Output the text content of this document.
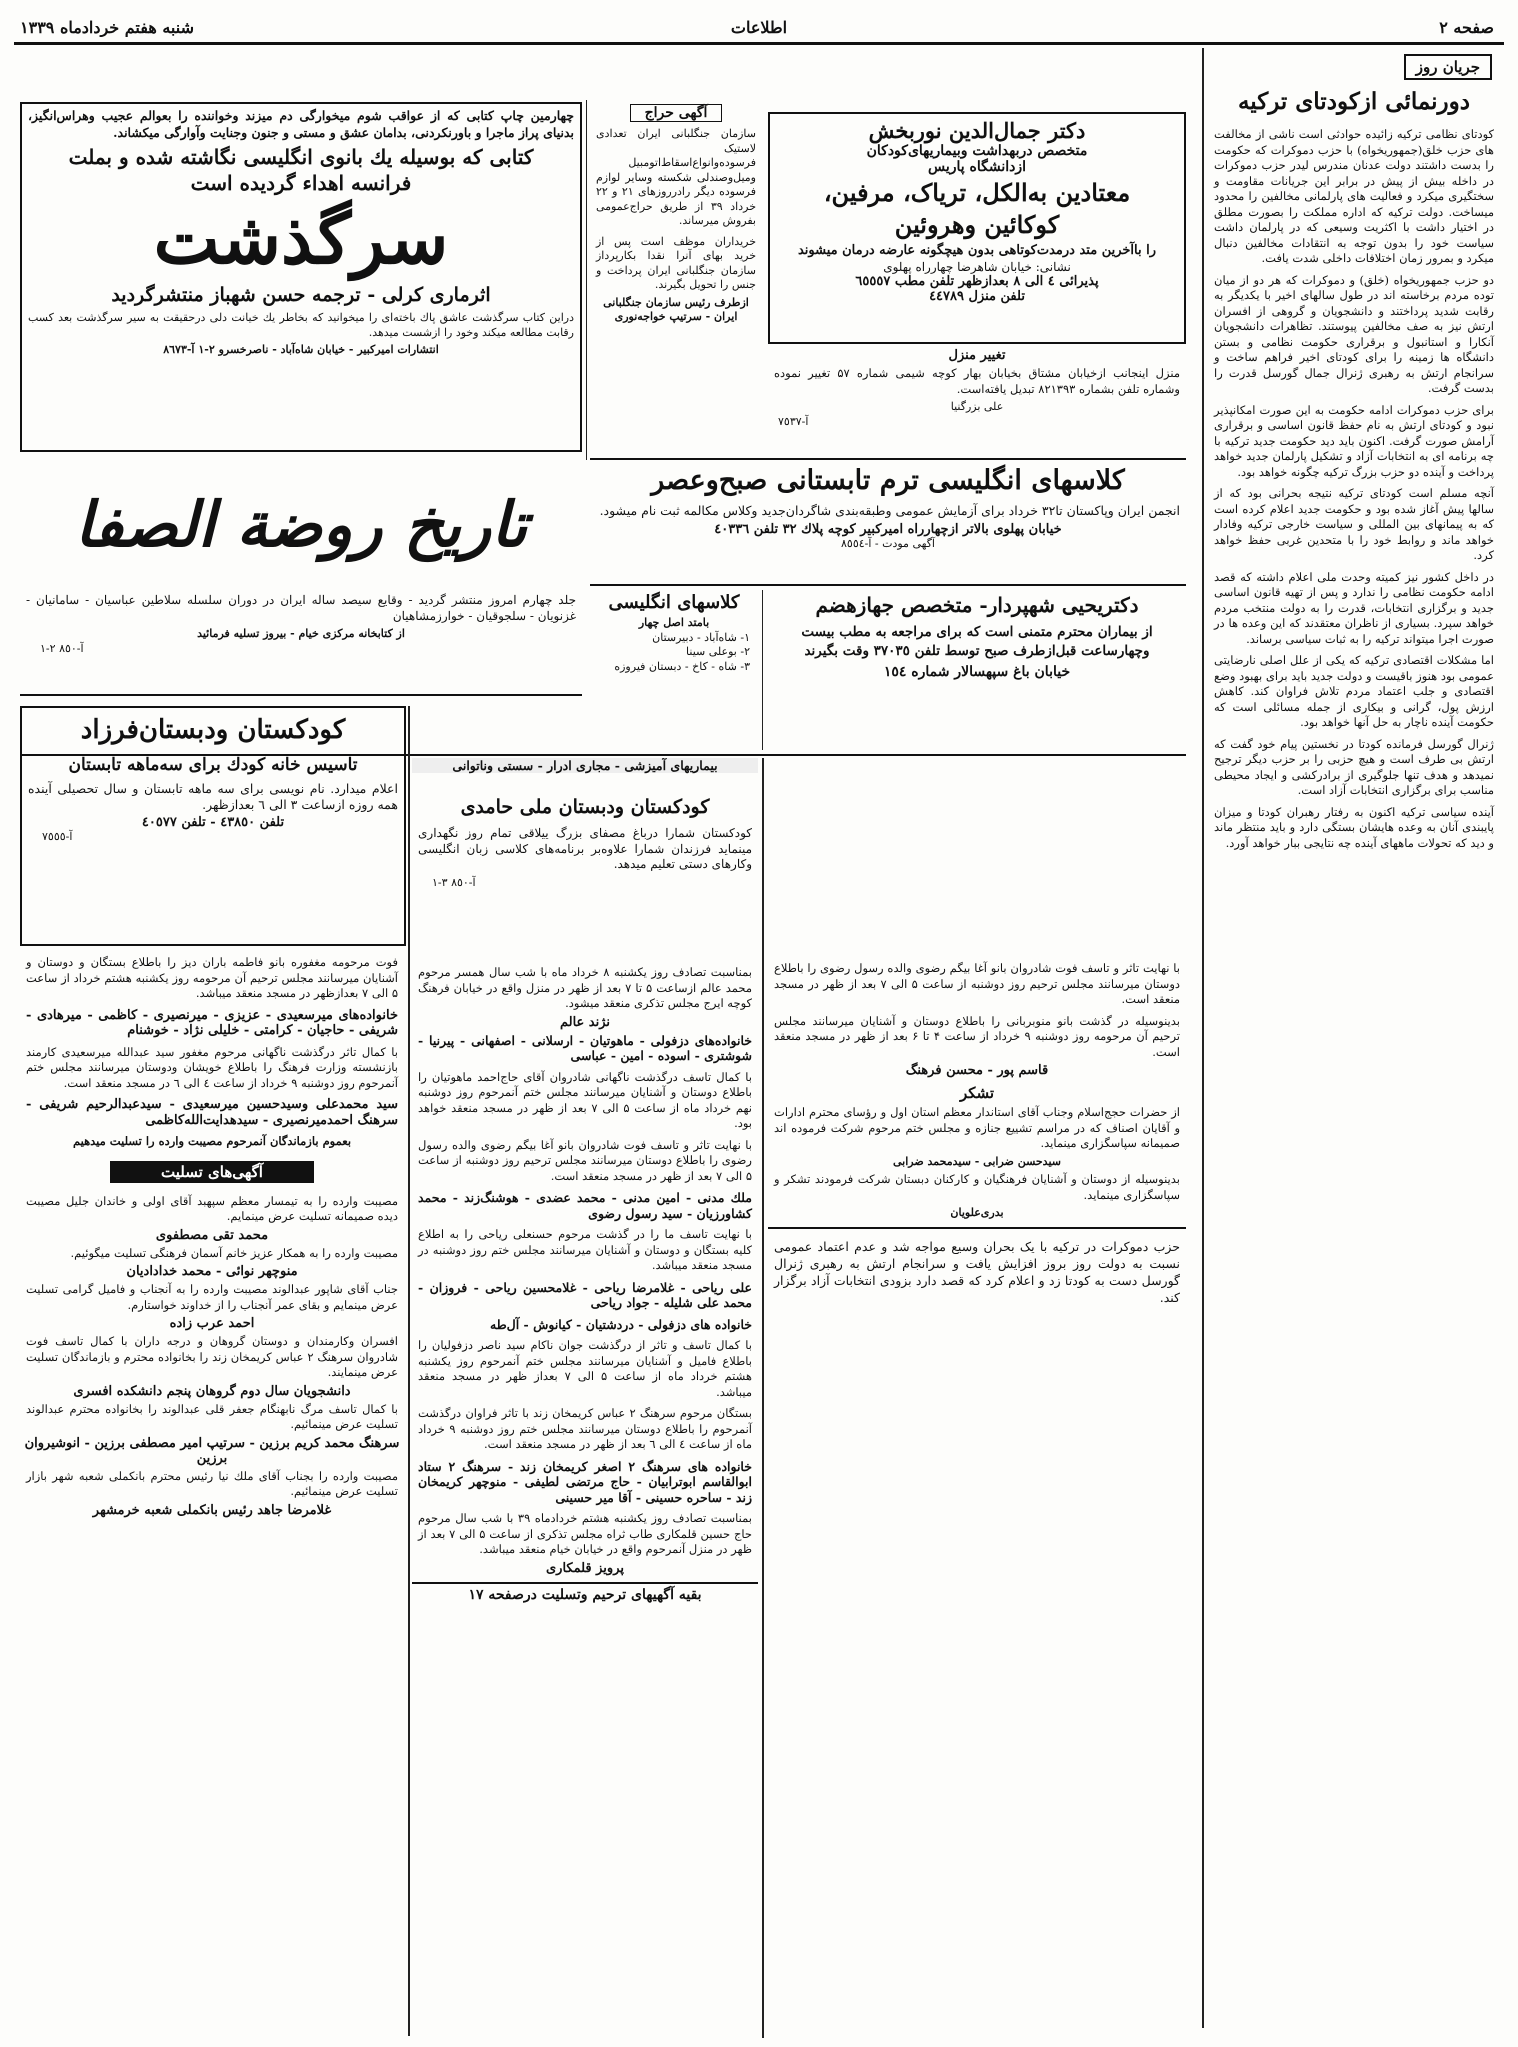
صفحه ۲
اطلاعات
شنبه هفتم خردادماه ۱۳۳۹
جریان روز
دورنمائی ازکودتای ترکیه
کودتای نظامی ترکیه زائیده حوادثی است ناشی از مخالفت های حزب خلق(جمهوریخواه) با حزب دموکرات که حکومت را بدست داشتند دولت عدنان مندرس لیدر حزب دموکرات در داخله بیش از پیش در برابر این جریانات مقاومت و سختگیری میکرد و فعالیت های پارلمانی مخالفین را محدود میساخت. دولت ترکیه که اداره مملکت را بصورت مطلق در اختیار داشت با اکثریت وسیعی که در پارلمان داشت سیاست خود را بدون توجه به انتقادات مخالفین دنبال میکرد و بمرور زمان اختلافات داخلی شدت یافت.
دو حزب جمهوریخواه (خلق) و دموکرات که هر دو از میان توده مردم برخاسته اند در طول سالهای اخیر با یکدیگر به رقابت شدید پرداختند و دانشجویان و گروهی از افسران ارتش نیز به صف مخالفین پیوستند. تظاهرات دانشجویان آنکارا و استانبول و برقراری حکومت نظامی و بستن دانشگاه ها زمینه را برای کودتای اخیر فراهم ساخت و سرانجام ارتش به رهبری ژنرال جمال گورسل قدرت را بدست گرفت.
برای حزب دموکرات ادامه حکومت به این صورت امکانپذیر نبود و کودتای ارتش به نام حفظ قانون اساسی و برقراری آرامش صورت گرفت. اکنون باید دید حکومت جدید ترکیه با چه برنامه ای به انتخابات آزاد و تشکیل پارلمان جدید خواهد پرداخت و آینده دو حزب بزرگ ترکیه چگونه خواهد بود.
آنچه مسلم است کودتای ترکیه نتیجه بحرانی بود که از سالها پیش آغاز شده بود و حکومت جدید اعلام کرده است که به پیمانهای بین المللی و سیاست خارجی ترکیه وفادار خواهد ماند و روابط خود را با متحدین غربی حفظ خواهد کرد.
در داخل کشور نیز کمیته وحدت ملی اعلام داشته که قصد ادامه حکومت نظامی را ندارد و پس از تهیه قانون اساسی جدید و برگزاری انتخابات، قدرت را به دولت منتخب مردم خواهد سپرد. بسیاری از ناظران معتقدند که این وعده ها در صورت اجرا میتواند ترکیه را به ثبات سیاسی برساند.
اما مشکلات اقتصادی ترکیه که یکی از علل اصلی نارضایتی عمومی بود هنوز باقیست و دولت جدید باید برای بهبود وضع اقتصادی و جلب اعتماد مردم تلاش فراوان کند. کاهش ارزش پول، گرانی و بیکاری از جمله مسائلی است که حکومت آینده ناچار به حل آنها خواهد بود.
ژنرال گورسل فرمانده کودتا در نخستین پیام خود گفت که ارتش بی طرف است و هیچ حزبی را بر حزب دیگر ترجیح نمیدهد و هدف تنها جلوگیری از برادرکشی و ایجاد محیطی مناسب برای برگزاری انتخابات آزاد است.
آینده سیاسی ترکیه اکنون به رفتار رهبران کودتا و میزان پایبندی آنان به وعده هایشان بستگی دارد و باید منتظر ماند و دید که تحولات ماههای آینده چه نتایجی ببار خواهد آورد.
دکتر جمال‌الدین نوربخش
متخصص دربهداشت وبیماریهای‌کودکان
ازدانشگاه پاریس
معتادین به‌الکل، تریاک، مرفین، کوکائین وهروئین
را باآخرین متد درمدت‌کوتاهی بدون هیچگونه عارضه درمان میشوند
نشانی: خیابان شاهرضا چهارراه پهلوی
پذیرائی ٤ الی ٨ بعدازظهر تلفن مطب ٦٥٥٥٧
تلفن منزل ٤٤٧٨٩
تغییر منزل
منزل اینجانب ازخیابان مشتاق بخیابان بهار کوچه شیمی شماره ۵۷ تغییر نموده وشماره تلفن بشماره ۸۲۱۳۹۳ تبدیل یافته‌است.
علی بزرگنیا
آ-٧٥٣٧
آگهی حراج
سازمان جنگلبانی ایران تعدادی لاستیک فرسوده‌وانواع‌اسقاط‌اتومبیل ومیل‌وصندلی شکسته وسایر لوازم فرسوده دیگر رادرروزهای ٢١ و ٢٢ خرداد ۳۹ از طریق حراج‌عمومی بفروش میرساند.
خریداران موظف است پس از خرید بهای آنرا نقدا بکارپرداز سازمان جنگلبانی ایران پرداخت و جنس را تحویل بگیرند.
ازطرف رئیس سازمان جنگلبانی ایران - سرتیپ خواجه‌نوری
چهارمین چاپ کتابی که از عواقب شوم میخوارگی دم میزند وخواننده را بعوالم عجیب وهراس‌انگیز، بدنیای پراز ماجرا و باورنکردنی، بدامان عشق و مستی و جنون وجنایت وآوارگی میکشاند.
کتابی که بوسیله یك بانوی انگلیسی نگاشته شده و بملت
فرانسه اهداء گردیده است
سرگذشت
اثرماری کرلی - ترجمه حسن شهباز منتشرگردید
دراین کتاب سرگذشت عاشق پاك باخته‌ای را میخوانید که بخاطر یك خیانت دلی درحقیقت به سیر سرگذشت بعد کسب رقابت مطالعه میکند وخود را ازشست میدهد.
انتشارات امیرکبیر - خیابان شاه‌آباد - ناصرخسرو ٢-١ آ-٨٦٧٣
کلاسهای انگلیسی ترم تابستانی صبح‌وعصر
انجمن ایران وپاکستان تا۳۲ خرداد برای آزمایش عمومی وطبقه‌بندی شاگردان‌جدید وکلاس مکالمه ثبت نام میشود.
خیابان پهلوی بالاتر ازچهارراه امیرکبیر کوچه پلاك ۳۲ تلفن ٤٠٣٣٦
آگهی مودت - آ-٨٥٥٤
تاریخ روضة الصفا
جلد چهارم امروز منتشر گردید - وقایع سیصد ساله ایران در دوران سلسله سلاطین عباسیان - سامانیان - غزنویان - سلجوقیان - خوارزمشاهیان
از کتابخانه مرکزی خیام - بیروز تسلیه فرمائید
آ-٨٥٠ ٢-١
کلاسهای انگلیسی
بامتد اصل چهار
۱- شاه‌آباد - دبیرستان
۲- بوعلی سینا
۳- شاه - کاخ - دبستان فیروزه
دکتریحیی شهپردار- متخصص جهازهضم
از بیماران محترم متمنی است که برای مراجعه به مطب بیست وچهارساعت قبل‌ازطرف صبح توسط تلفن ٣٧٠٣٥ وقت بگیرند
خیابان باغ سپهسالار شماره ١٥٤
کودکستان ودبستان‌فرزاد
تاسیس خانه کودك برای سه‌ماهه تابستان
اعلام میدارد. نام نویسی برای سه ماهه تابستان و سال تحصیلی آینده همه روزه ازساعت ۳ الی ٦ بعدازظهر.
تلفن ٤٣٨٥٠ - تلفن ٤٠٥٧٧
آ-٧٥٥٥
بیماریهای آمیزشی - مجاری ادرار - سستی وناتوانی
کودکستان ودبستان ملی حامدی
کودکستان شمارا درباغ مصفای بزرگ ییلاقی تمام روز نگهداری مینماید فرزندان شمارا علاوه‌بر برنامه‌های کلاسی زبان انگلیسی وکارهای دستی تعلیم میدهد.
آ-٨٥٠ ٣-١
فوت مرحومه مغفوره بانو فاطمه باران دیز را باطلاع بستگان و دوستان و آشنایان میرسانند مجلس ترحیم آن مرحومه روز یکشنبه هشتم خرداد از ساعت ۵ الی ۷ بعدازظهر در مسجد منعقد میباشد.
خانواده‌های میرسعیدی - عزیزی - میرنصیری - کاظمی - میرهادی - شریفی - حاجیان - کرامتی - خلیلی نژاد - خوشنام
با کمال تاثر درگذشت ناگهانی مرحوم مغفور سید عبدالله میرسعیدی کارمند بازنشسته وزارت فرهنگ را باطلاع خویشان ودوستان میرسانند مجلس ختم آنمرحوم روز دوشنبه ٩ خرداد از ساعت ٤ الی ٦ در مسجد منعقد است.
سید محمدعلی وسیدحسین میرسعیدی - سیدعبدالرحیم شریفی - سرهنگ احمدمیرنصیری - سیدهدایت‌الله‌کاظمی
بعموم بازماندگان آنمرحوم مصیبت وارده را تسلیت میدهیم
آگهی‌های تسلیت
مصیبت وارده را به تیمسار معظم سپهبد آقای اولی و خاندان جلیل مصیبت دیده صمیمانه تسلیت عرض مینمایم.
محمد تقی مصطفوی
مصیبت وارده را به همکار عزیز خانم آسمان فرهنگی تسلیت میگوئیم.
منوچهر نوائی - محمد خدادادیان
جناب آقای شاپور عبدالوند مصیبت وارده را به آنجناب و فامیل گرامی تسلیت عرض مینمایم و بقای عمر آنجناب را از خداوند خواستارم.
احمد عرب زاده
افسران وکارمندان و دوستان گروهان و درجه داران با کمال تاسف فوت شادروان سرهنگ ۲ عباس کریمخان زند را بخانواده محترم و بازماندگان تسلیت عرض مینمایند.
دانشجویان سال دوم گروهان پنجم دانشکده افسری
با کمال تاسف مرگ نابهنگام جعفر قلی عبدالوند را بخانواده محترم عبدالوند تسلیت عرض مینمائیم.
سرهنگ محمد کریم برزین - سرتیپ امیر مصطفی برزین - انوشیروان برزین
مصیبت وارده را بجناب آقای ملك نیا رئیس محترم بانکملی شعبه شهر بازار تسلیت عرض مینمائیم.
غلامرضا جاهد رئیس بانکملی شعبه خرمشهر
بمناسبت تصادف روز یکشنبه ۸ خرداد ماه با شب سال همسر مرحوم محمد عالم ازساعت ۵ تا ۷ بعد از ظهر در منزل واقع در خیابان فرهنگ کوچه ایرج مجلس تذکری منعقد میشود.
نژند عالم
خانواده‌های دزفولی - ماهوتیان - ارسلانی - اصفهانی - پیرنیا - شوشتری - اسوده - امین - عباسی
با کمال تاسف درگذشت ناگهانی شادروان آقای حاج‌احمد ماهوتیان را باطلاع دوستان و آشنایان میرسانند مجلس ختم آنمرحوم روز دوشنبه نهم خرداد ماه از ساعت ۵ الی ۷ بعد از ظهر در مسجد منعقد خواهد بود.
با نهایت تاثر و تاسف فوت شادروان بانو آغا بیگم رضوی والده رسول رضوی را باطلاع دوستان میرسانند مجلس ترحیم روز دوشنبه از ساعت ۵ الی ۷ بعد از ظهر در مسجد منعقد است.
ملك مدنی - امین مدنی - محمد عضدی - هوشنگ‌زند - محمد کشاورزیان - سید رسول رضوی
با نهایت تاسف ما را در گذشت مرحوم حسنعلی ریاحی را به اطلاع کلیه بستگان و دوستان و آشنایان میرسانند مجلس ختم روز دوشنبه در مسجد منعقد میباشد.
علی ریاحی - غلامرضا ریاحی - غلامحسین ریاحی - فروزان - محمد علی شلیله - جواد ریاحی
خانواده های دزفولی - دردشتیان - کیانوش - آل‌طه
با کمال تاسف و تاثر از درگذشت جوان ناکام سید ناصر دزفولیان را باطلاع فامیل و آشنایان میرسانند مجلس ختم آنمرحوم روز یکشنبه هشتم خرداد ماه از ساعت ۵ الی ۷ بعداز ظهر در مسجد منعقد میباشد.
بستگان مرحوم سرهنگ ۲ عباس کریمخان زند با تاثر فراوان درگذشت آنمرحوم را باطلاع دوستان میرسانند مجلس ختم روز دوشنبه ٩ خرداد ماه از ساعت ٤ الی ٦ بعد از ظهر در مسجد منعقد است.
خانواده های سرهنگ ۲ اصغر کریمخان زند - سرهنگ ۲ ستاد ابوالقاسم ابوترابیان - حاج مرتضی لطیفی - منوچهر کریمخان زند - ساحره حسینی - آقا میر حسینی
بمناسبت تصادف روز یکشنبه هشتم خردادماه ۳۹ با شب سال مرحوم حاج حسین قلمکاری طاب ثراه مجلس تذکری از ساعت ۵ الی ۷ بعد از ظهر در منزل آنمرحوم واقع در خیابان خیام منعقد میباشد.
پرویز قلمکاری
بقیه آگهیهای ترحیم وتسلیت درصفحه ١٧
با نهایت تاثر و تاسف فوت شادروان بانو آغا بیگم رضوی والده رسول رضوی را باطلاع دوستان میرسانند مجلس ترحیم روز دوشنبه از ساعت ۵ الی ۷ بعد از ظهر در مسجد منعقد است.
بدینوسیله در گذشت بانو منوبربانی را باطلاع دوستان و آشنایان میرسانند مجلس ترحیم آن مرحومه روز دوشنبه ۹ خرداد از ساعت ۴ تا ۶ بعد از ظهر در مسجد منعقد است.
قاسم پور - محسن فرهنگ
تشکر
از حضرات حجج‌اسلام وجناب آقای استاندار معظم استان اول و رؤسای محترم ادارات و آقایان اصناف که در مراسم تشییع جنازه و مجلس ختم مرحوم شرکت فرموده اند صمیمانه سپاسگزاری مینماید.
سیدحسن ضرابی - سیدمحمد ضرابی
بدینوسیله از دوستان و آشنایان فرهنگیان و کارکنان دبستان شرکت فرمودند تشکر و سپاسگزاری مینماید.
بدری‌علویان
حزب دموکرات در ترکیه با یک بحران وسیع مواجه شد و عدم اعتماد عمومی نسبت به دولت روز بروز افزایش یافت و سرانجام ارتش به رهبری ژنرال گورسل دست به کودتا زد و اعلام کرد که قصد دارد بزودی انتخابات آزاد برگزار کند.
